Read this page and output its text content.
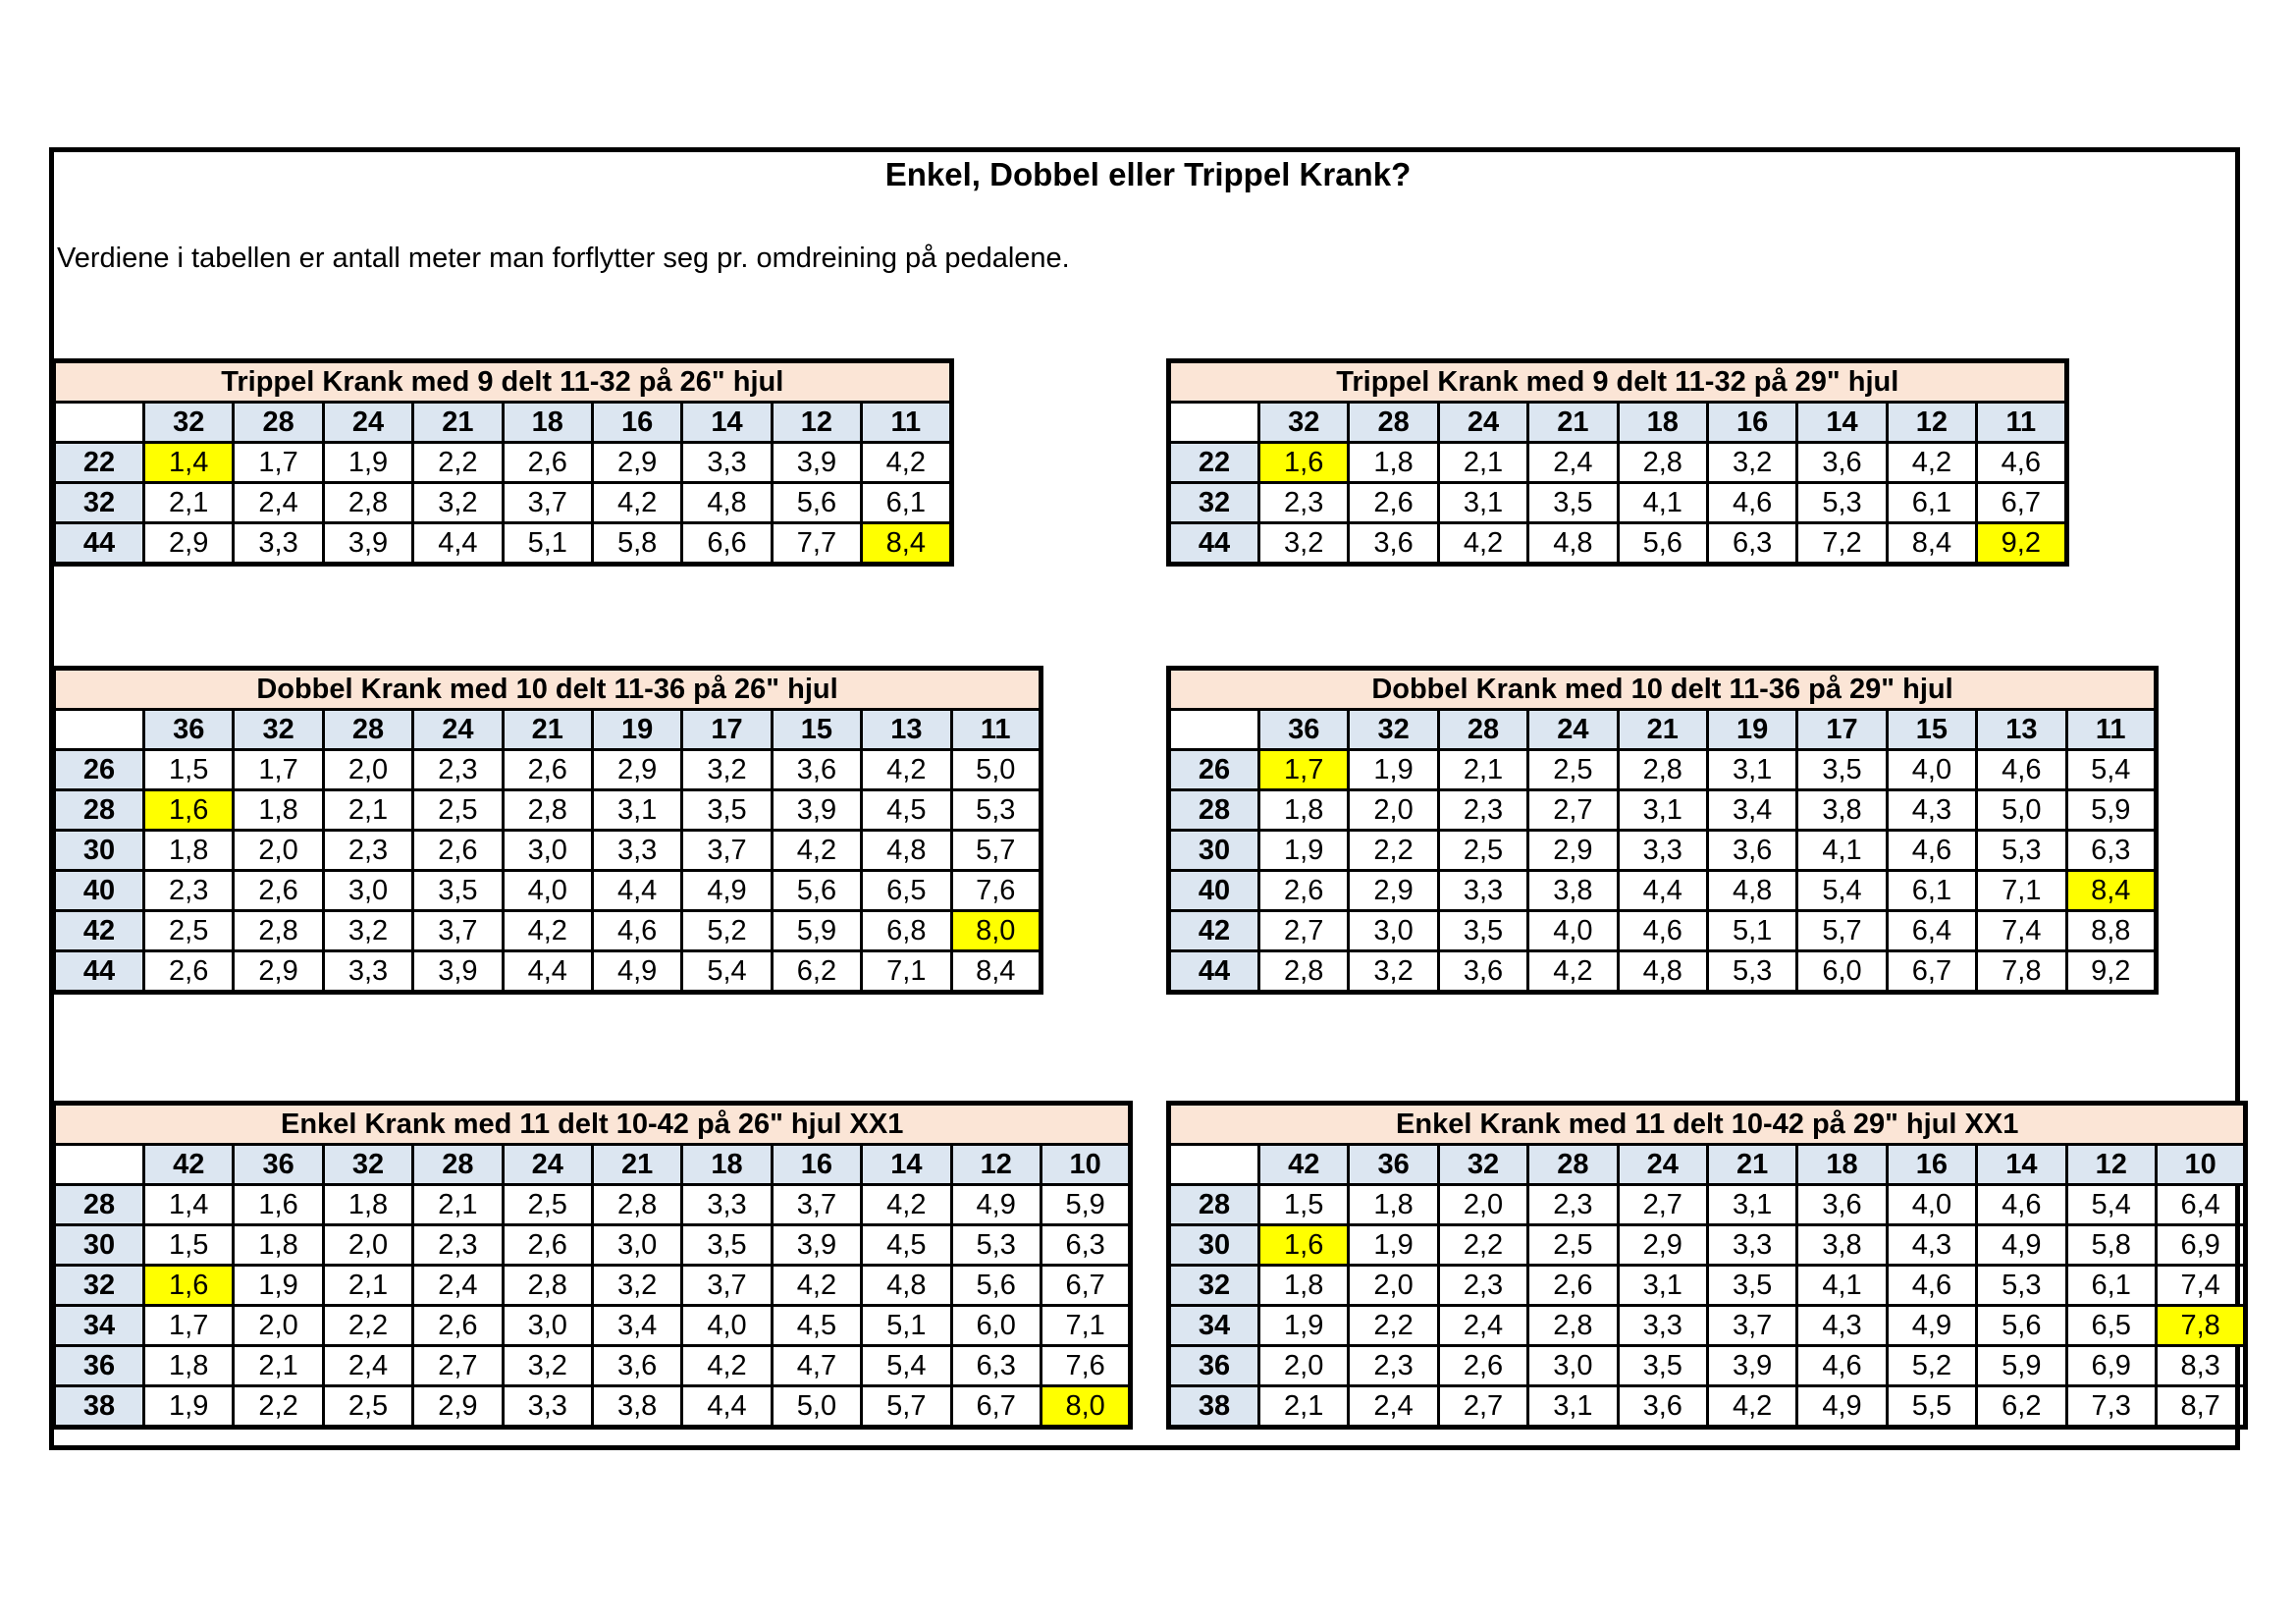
Enkel, Dobbel eller Trippel Krank?
Verdiene i tabellen er antall meter man forflytter seg pr. omdreining på pedalene.
Trippel Krank med 9 delt 11-32 på 26" hjul									
	32	28	24	21	18	16	14	12	11
22	1,4	1,7	1,9	2,2	2,6	2,9	3,3	3,9	4,2
32	2,1	2,4	2,8	3,2	3,7	4,2	4,8	5,6	6,1
44	2,9	3,3	3,9	4,4	5,1	5,8	6,6	7,7	8,4
Trippel Krank med 9 delt 11-32 på 29" hjul									
	32	28	24	21	18	16	14	12	11
22	1,6	1,8	2,1	2,4	2,8	3,2	3,6	4,2	4,6
32	2,3	2,6	3,1	3,5	4,1	4,6	5,3	6,1	6,7
44	3,2	3,6	4,2	4,8	5,6	6,3	7,2	8,4	9,2
Dobbel Krank med 10 delt 11-36 på 26" hjul										
	36	32	28	24	21	19	17	15	13	11
26	1,5	1,7	2,0	2,3	2,6	2,9	3,2	3,6	4,2	5,0
28	1,6	1,8	2,1	2,5	2,8	3,1	3,5	3,9	4,5	5,3
30	1,8	2,0	2,3	2,6	3,0	3,3	3,7	4,2	4,8	5,7
40	2,3	2,6	3,0	3,5	4,0	4,4	4,9	5,6	6,5	7,6
42	2,5	2,8	3,2	3,7	4,2	4,6	5,2	5,9	6,8	8,0
44	2,6	2,9	3,3	3,9	4,4	4,9	5,4	6,2	7,1	8,4
Dobbel Krank med 10 delt 11-36 på 29" hjul										
	36	32	28	24	21	19	17	15	13	11
26	1,7	1,9	2,1	2,5	2,8	3,1	3,5	4,0	4,6	5,4
28	1,8	2,0	2,3	2,7	3,1	3,4	3,8	4,3	5,0	5,9
30	1,9	2,2	2,5	2,9	3,3	3,6	4,1	4,6	5,3	6,3
40	2,6	2,9	3,3	3,8	4,4	4,8	5,4	6,1	7,1	8,4
42	2,7	3,0	3,5	4,0	4,6	5,1	5,7	6,4	7,4	8,8
44	2,8	3,2	3,6	4,2	4,8	5,3	6,0	6,7	7,8	9,2
Enkel Krank med 11 delt 10-42 på 26" hjul XX1											
	42	36	32	28	24	21	18	16	14	12	10
28	1,4	1,6	1,8	2,1	2,5	2,8	3,3	3,7	4,2	4,9	5,9
30	1,5	1,8	2,0	2,3	2,6	3,0	3,5	3,9	4,5	5,3	6,3
32	1,6	1,9	2,1	2,4	2,8	3,2	3,7	4,2	4,8	5,6	6,7
34	1,7	2,0	2,2	2,6	3,0	3,4	4,0	4,5	5,1	6,0	7,1
36	1,8	2,1	2,4	2,7	3,2	3,6	4,2	4,7	5,4	6,3	7,6
38	1,9	2,2	2,5	2,9	3,3	3,8	4,4	5,0	5,7	6,7	8,0
Enkel Krank med 11 delt 10-42 på 29" hjul XX1											
	42	36	32	28	24	21	18	16	14	12	10
28	1,5	1,8	2,0	2,3	2,7	3,1	3,6	4,0	4,6	5,4	6,4
30	1,6	1,9	2,2	2,5	2,9	3,3	3,8	4,3	4,9	5,8	6,9
32	1,8	2,0	2,3	2,6	3,1	3,5	4,1	4,6	5,3	6,1	7,4
34	1,9	2,2	2,4	2,8	3,3	3,7	4,3	4,9	5,6	6,5	7,8
36	2,0	2,3	2,6	3,0	3,5	3,9	4,6	5,2	5,9	6,9	8,3
38	2,1	2,4	2,7	3,1	3,6	4,2	4,9	5,5	6,2	7,3	8,7
